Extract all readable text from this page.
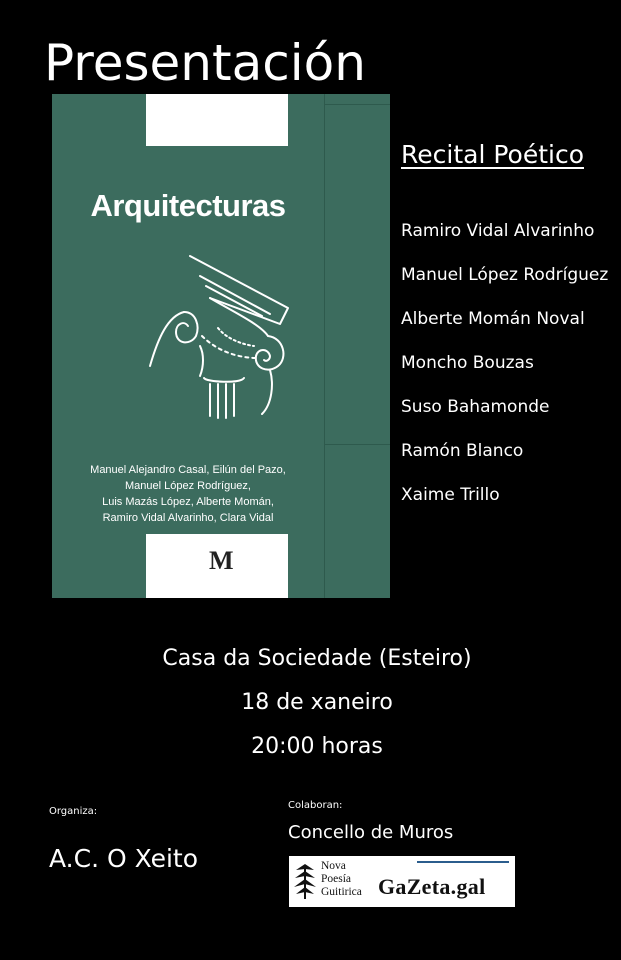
Presentación
Arquitecturas
Manuel Alejandro Casal, Eilún del Pazo,
Manuel López Rodríguez,
Luis Mazás López, Alberte Momán,
Ramiro Vidal Alvarinho, Clara Vidal
M
Recital Poético
Ramiro Vidal Alvarinho
Manuel López Rodríguez
Alberte Momán Noval
Moncho Bouzas
Suso Bahamonde
Ramón Blanco
Xaime Trillo
Casa da Sociedade (Esteiro)
18 de xaneiro
20:00 horas
Organiza:
A.C. O Xeito
Colaboran:
Concello de Muros
Nova
Poesía
Guitirica GaZeta.gal
